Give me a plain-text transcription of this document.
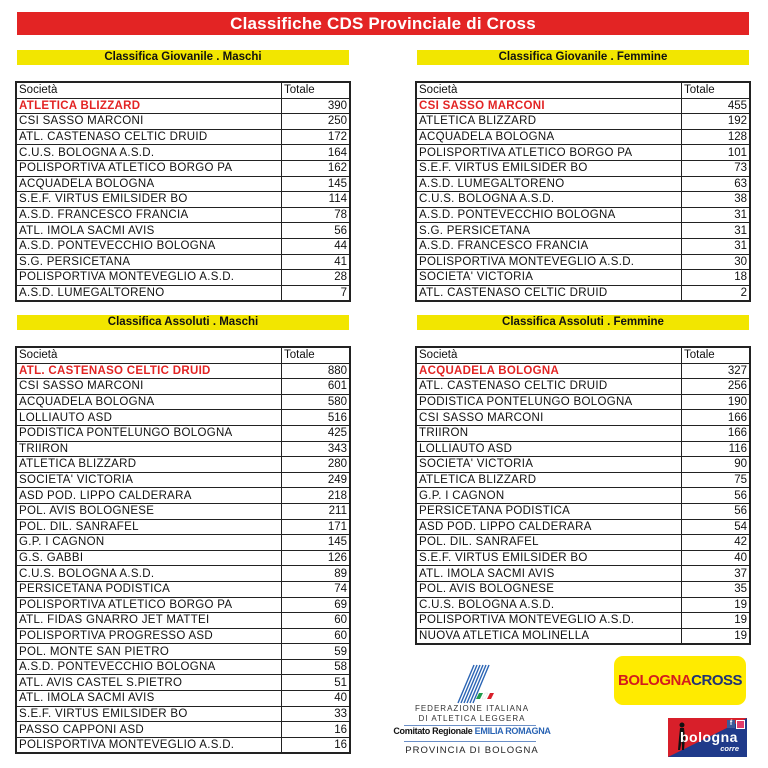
Classifiche CDS Provinciale di Cross
Classifica Giovanile . Maschi
Società	Totale
ATLETICA BLIZZARD	390
CSI SASSO MARCONI	250
ATL. CASTENASO CELTIC DRUID	172
C.U.S. BOLOGNA A.S.D.	164
POLISPORTIVA ATLETICO BORGO PA	162
ACQUADELA BOLOGNA	145
S.E.F. VIRTUS EMILSIDER BO	114
A.S.D. FRANCESCO FRANCIA	78
ATL. IMOLA SACMI AVIS	56
A.S.D. PONTEVECCHIO BOLOGNA	44
S.G. PERSICETANA	41
POLISPORTIVA MONTEVEGLIO A.S.D.	28
A.S.D. LUMEGALTORENO	7
Classifica Giovanile . Femmine
Società	Totale
CSI SASSO MARCONI	455
ATLETICA BLIZZARD	192
ACQUADELA BOLOGNA	128
POLISPORTIVA ATLETICO BORGO PA	101
S.E.F. VIRTUS EMILSIDER BO	73
A.S.D. LUMEGALTORENO	63
C.U.S. BOLOGNA A.S.D.	38
A.S.D. PONTEVECCHIO BOLOGNA	31
S.G. PERSICETANA	31
A.S.D. FRANCESCO FRANCIA	31
POLISPORTIVA MONTEVEGLIO A.S.D.	30
SOCIETA' VICTORIA	18
ATL. CASTENASO CELTIC DRUID	2
Classifica Assoluti . Maschi
Società	Totale
ATL. CASTENASO CELTIC DRUID	880
CSI SASSO MARCONI	601
ACQUADELA BOLOGNA	580
LOLLIAUTO ASD	516
PODISTICA PONTELUNGO BOLOGNA	425
TRIIRON	343
ATLETICA BLIZZARD	280
SOCIETA' VICTORIA	249
ASD POD. LIPPO CALDERARA	218
POL. AVIS BOLOGNESE	211
POL. DIL. SANRAFEL	171
G.P. I CAGNON	145
G.S. GABBI	126
C.U.S. BOLOGNA A.S.D.	89
PERSICETANA PODISTICA	74
POLISPORTIVA ATLETICO BORGO PA	69
ATL. FIDAS GNARRO JET MATTEI	60
POLISPORTIVA PROGRESSO ASD	60
POL. MONTE SAN PIETRO	59
A.S.D. PONTEVECCHIO BOLOGNA	58
ATL. AVIS CASTEL S.PIETRO	51
ATL. IMOLA SACMI AVIS	40
S.E.F. VIRTUS EMILSIDER BO	33
PASSO CAPPONI ASD	16
POLISPORTIVA MONTEVEGLIO A.S.D.	16
Classifica Assoluti . Femmine
Società	Totale
ACQUADELA BOLOGNA	327
ATL. CASTENASO CELTIC DRUID	256
PODISTICA PONTELUNGO BOLOGNA	190
CSI SASSO MARCONI	166
TRIIRON	166
LOLLIAUTO ASD	116
SOCIETA' VICTORIA	90
ATLETICA BLIZZARD	75
G.P. I CAGNON	56
PERSICETANA PODISTICA	56
ASD POD. LIPPO CALDERARA	54
POL. DIL. SANRAFEL	42
S.E.F. VIRTUS EMILSIDER BO	40
ATL. IMOLA SACMI AVIS	37
POL. AVIS BOLOGNESE	35
C.U.S. BOLOGNA A.S.D.	19
POLISPORTIVA MONTEVEGLIO A.S.D.	19
NUOVA ATLETICA MOLINELLA	19
FEDERAZIONE ITALIANA
DI ATLETICA LEGGERA
Comitato Regionale EMILIA ROMAGNA
PROVINCIA DI BOLOGNA
BOLOGNACROSS
bologna
corre
f
